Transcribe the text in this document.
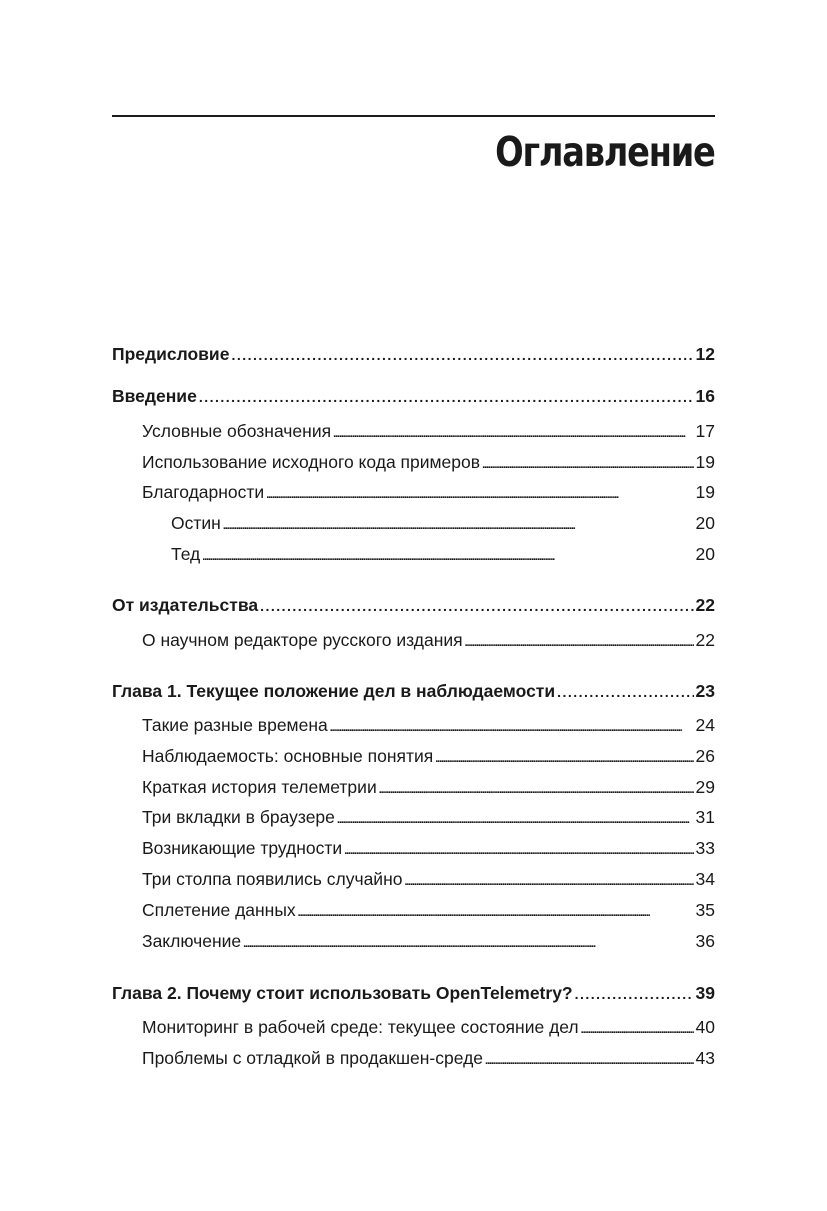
Оглавление
Предисловие . . .	12
Введение . . .	16
Условные обозначения . . .	17
Использование исходного кода примеров . . .	19
Благодарности . . .	19
Остин . . .	20
Тед . . .	20
От издательства . . .	22
О научном редакторе русского издания . . .	22
Глава 1. Текущее положение дел в наблюдаемости . . .	23
Такие разные времена . . .	24
Наблюдаемость: основные понятия . . .	26
Краткая история телеметрии . . .	29
Три вкладки в браузере . . .	31
Возникающие трудности . . .	33
Три столпа появились случайно . . .	34
Сплетение данных . . .	35
Заключение . . .	36
Глава 2. Почему стоит использовать OpenTelemetry? . . .	39
Мониторинг в рабочей среде: текущее состояние дел . . .	40
Проблемы с отладкой в продакшен-среде . . .	43
